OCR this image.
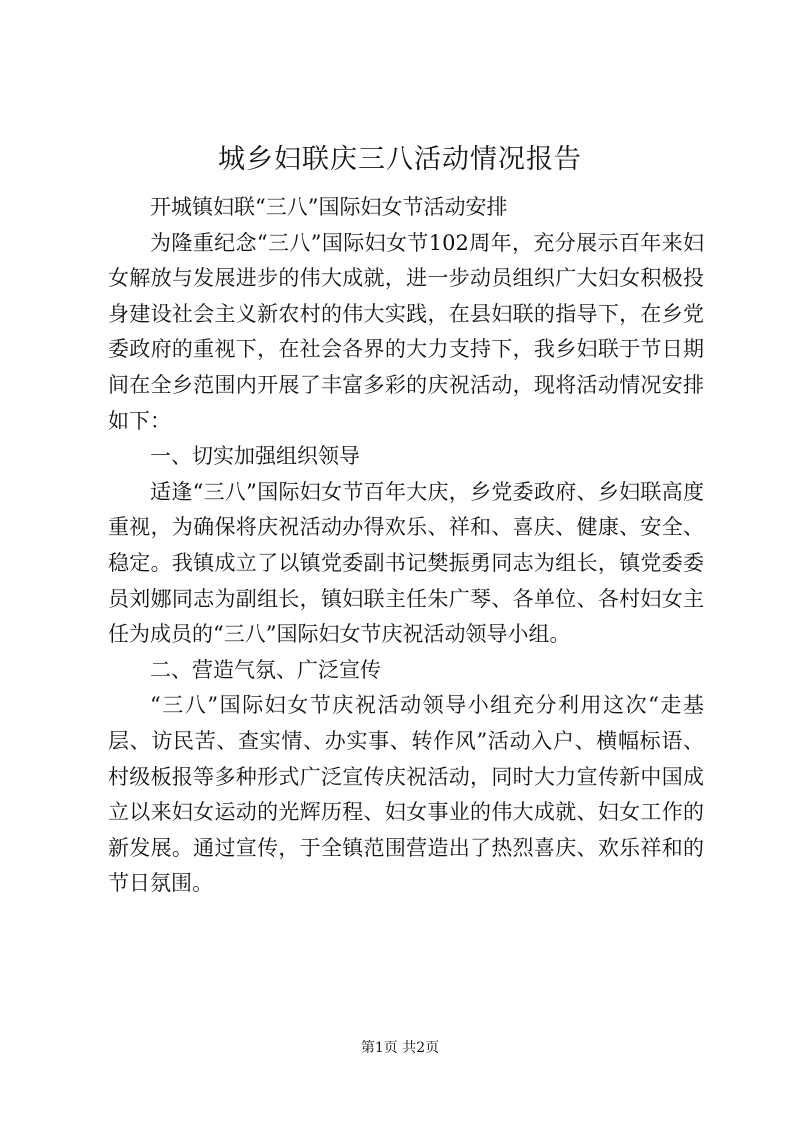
城乡妇联庆三八活动情况报告

开城镇妇联“三八”国际妇女节活动安排

为隆重纪念“三八”国际妇女节102周年，充分展示百年来妇女解放与发展进步的伟大成就，进一步动员组织广大妇女积极投身建设社会主义新农村的伟大实践，在县妇联的指导下，在乡党委政府的重视下，在社会各界的大力支持下，我乡妇联于节日期间在全乡范围内开展了丰富多彩的庆祝活动，现将活动情况安排如下：

一、切实加强组织领导

适逢“三八”国际妇女节百年大庆，乡党委政府、乡妇联高度重视，为确保将庆祝活动办得欢乐、祥和、喜庆、健康、安全、稳定。我镇成立了以镇党委副书记樊振勇同志为组长，镇党委委员刘娜同志为副组长，镇妇联主任朱广琴、各单位、各村妇女主任为成员的“三八”国际妇女节庆祝活动领导小组。

二、营造气氛、广泛宣传

“三八”国际妇女节庆祝活动领导小组充分利用这次“走基层、访民苦、查实情、办实事、转作风”活动入户、横幅标语、村级板报等多种形式广泛宣传庆祝活动，同时大力宣传新中国成立以来妇女运动的光辉历程、妇女事业的伟大成就、妇女工作的新发展。通过宣传，于全镇范围营造出了热烈喜庆、欢乐祥和的节日氛围。

第1页 共2页
